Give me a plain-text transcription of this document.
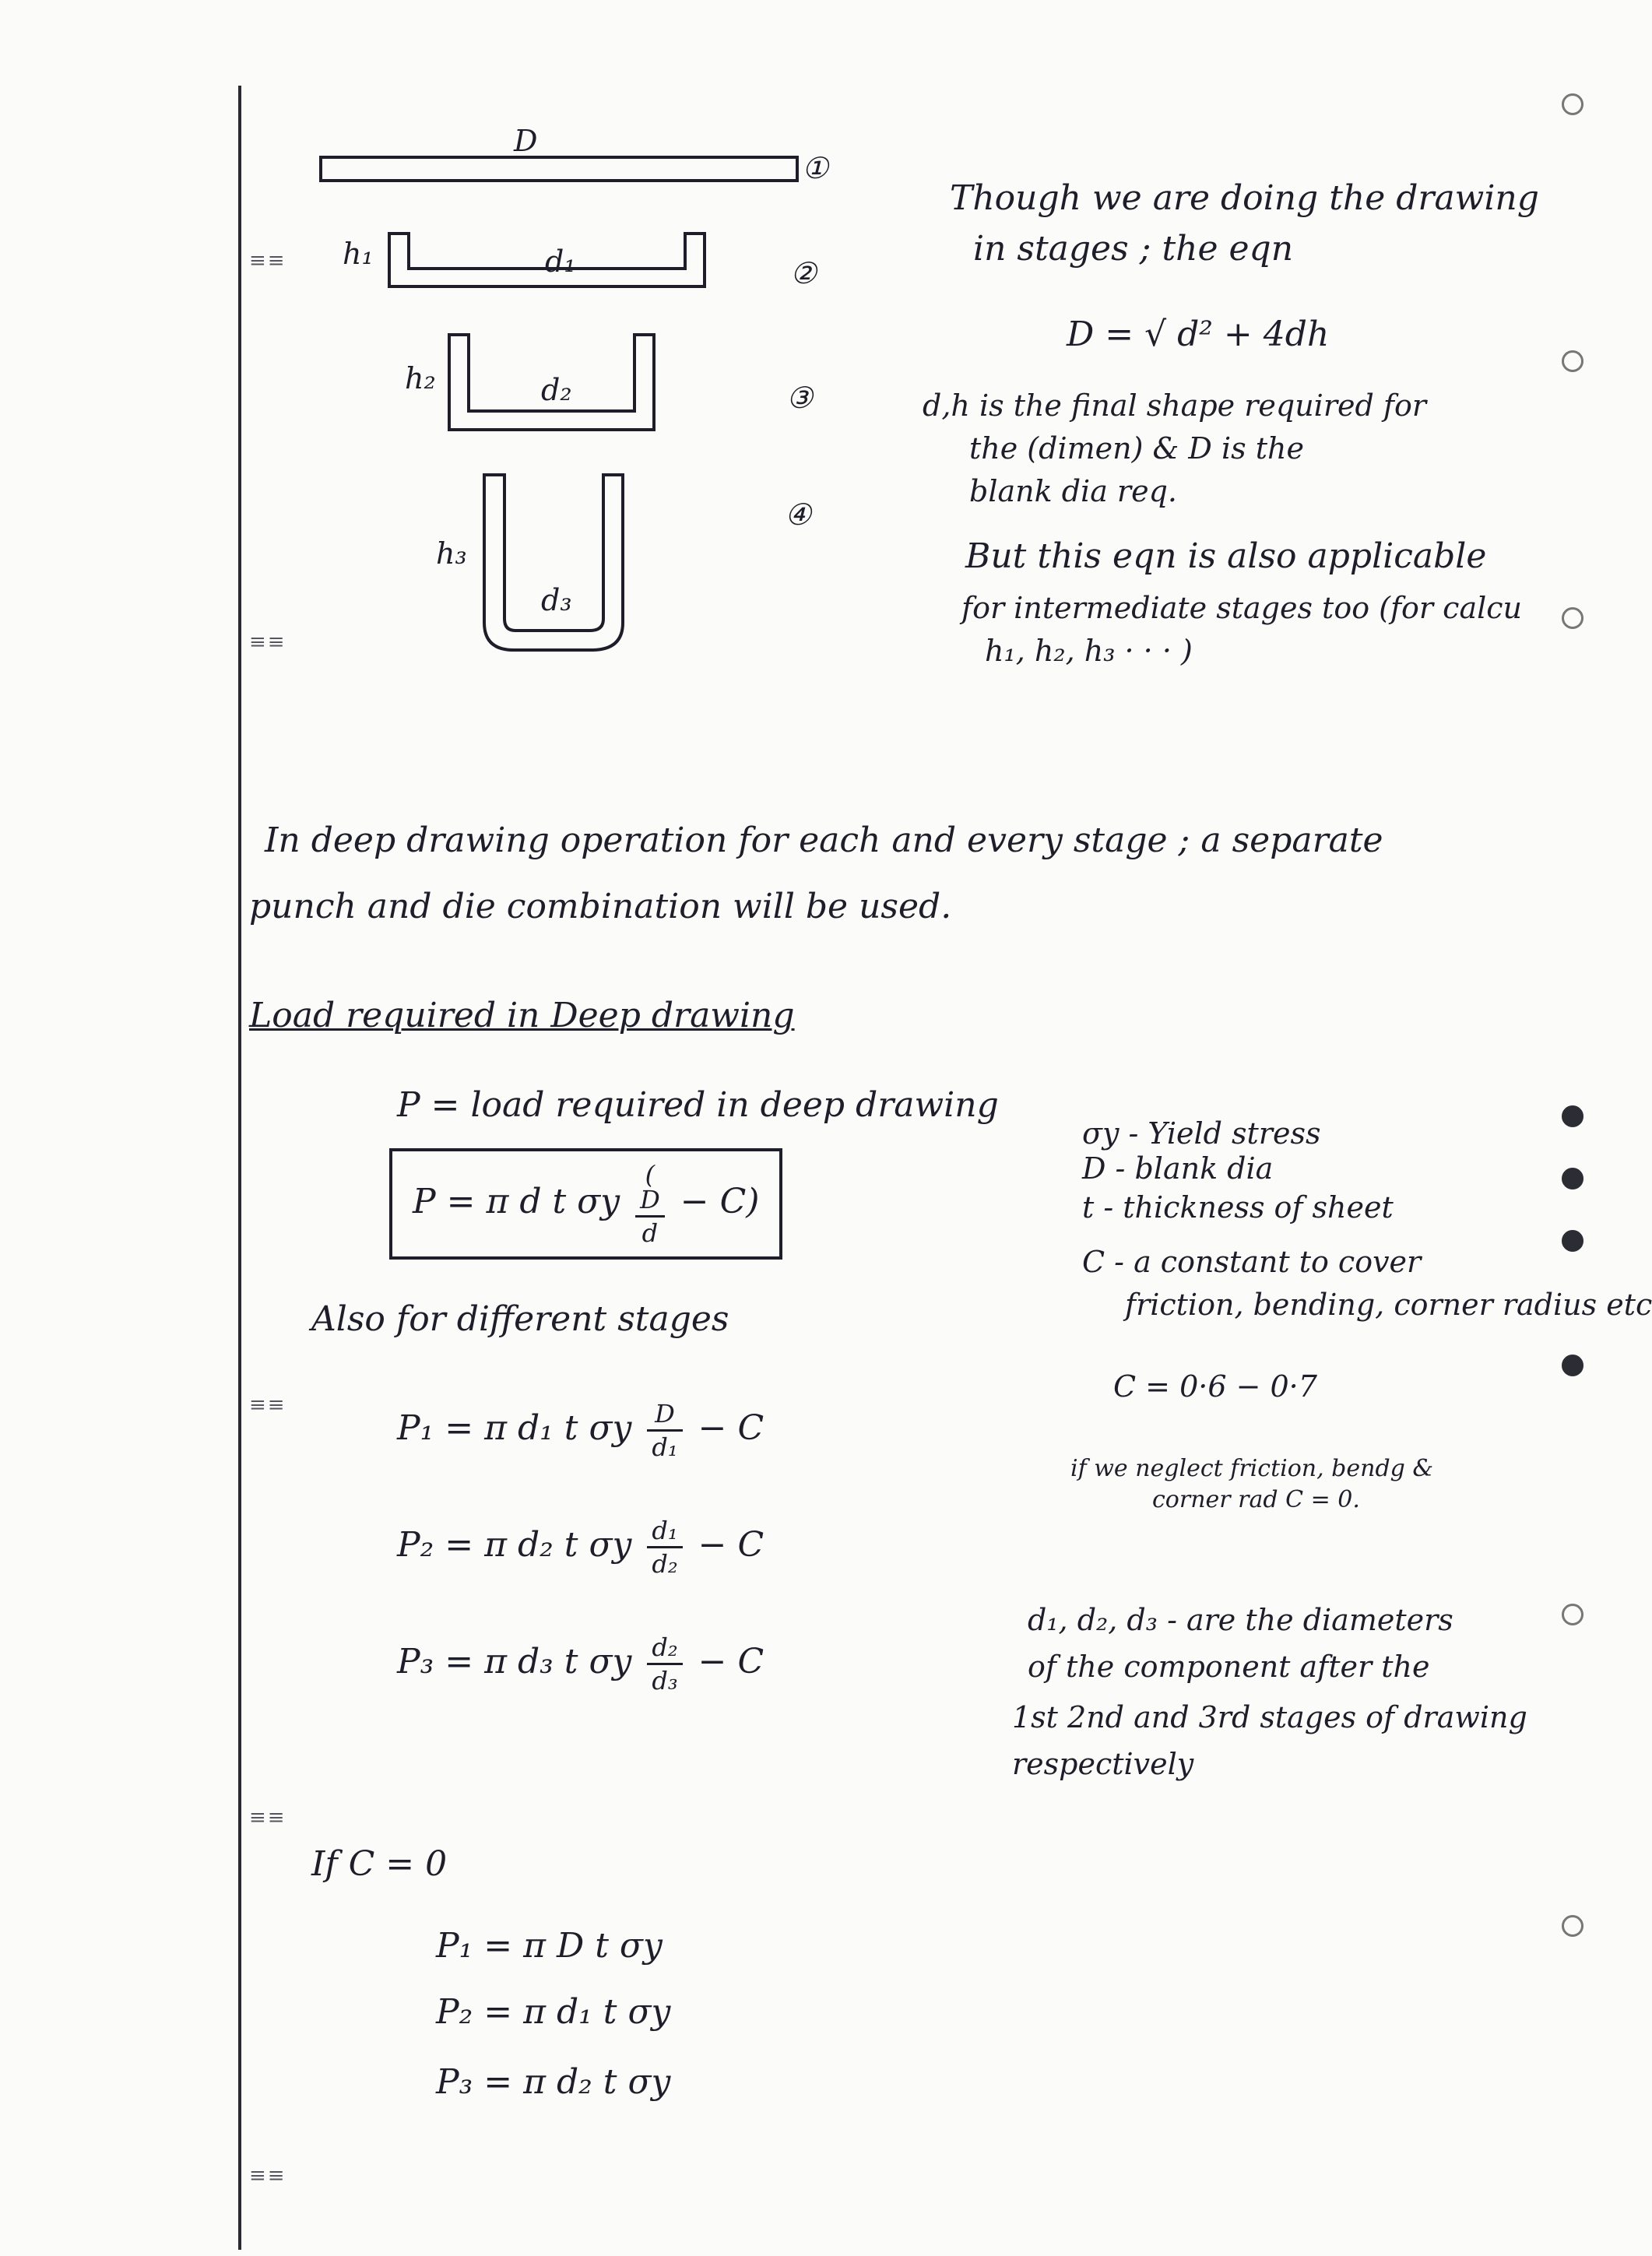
≡≡
≡≡
≡≡
≡≡
≡≡
D
①
②
③
④
h₁
h₂
h₃
d₁
d₂
d₃
Though we are doing the drawing
in stages ; the eqn
D = √ d² + 4dh
d,h is the final shape required for
the (dimen) & D is the
blank dia req.
But this eqn is also applicable
for intermediate stages too (for calcu
h₁, h₂, h₃ · · · )
In deep drawing operation for each and every stage ; a separate
punch and die combination will be used.
Load required in Deep drawing
P = load required in deep drawing
P = π d t σy (
D
d
− C)
Also for different stages
P₁ = π d₁ t σy $\frac{D}{\text{d₁}} - C$
P₂ = π d₂ t σy $\frac{\text{d₁}}{\text{d₂}} - C$
P₃ = π d₃ t σy $\frac{\text{d₂}}{\text{d₃}} - C$
σy - Yield stress
D - blank dia
t - thickness of sheet
C - a constant to cover
friction, bending, corner radius etc
C = 0·6 − 0·7
if we neglect friction, bendg &
corner rad C = 0.
d₁, d₂, d₃ - are the diameters
of the component after the
1st 2nd and 3rd stages of drawing
respectively
If C = 0
P₁ = π D t σy
P₂ = π d₁ t σy
P₃ = π d₂ t σy
